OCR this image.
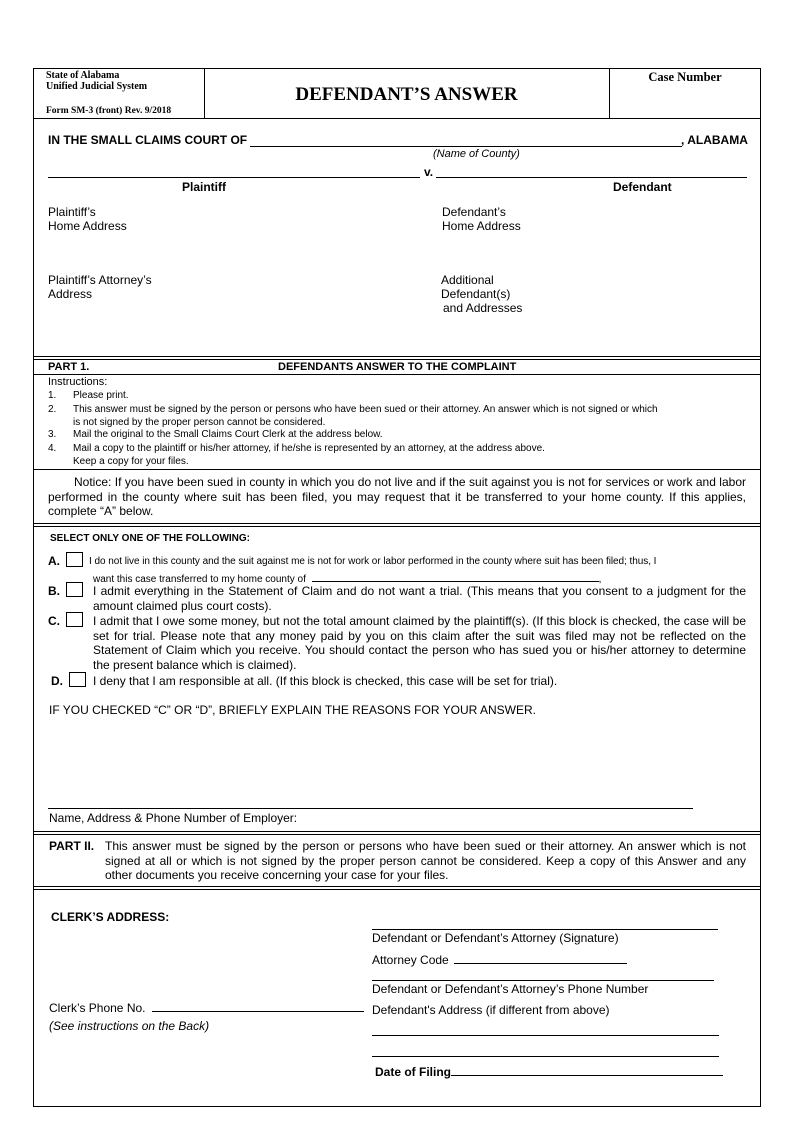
State of Alabama
Unified Judicial System
Form SM-3 (front) Rev. 9/2018
DEFENDANT’S ANSWER
Case Number
IN THE SMALL CLAIMS COURT OF	, ALABAMA
(Name of County)
v.
Plaintiff	Defendant
Plaintiff’s
Home Address
Defendant’s
Home Address
Plaintiff’s Attorney’s
Address
Additional
Defendant(s)
and Addresses
PART 1.	DEFENDANTS ANSWER TO THE COMPLAINT
Instructions:
1. Please print.
2. This answer must be signed by the person or persons who have been sued or their attorney. An answer which is not signed or which
is not signed by the proper person cannot be considered.
3. Mail the original to the Small Claims Court Clerk at the address below.
4. Mail a copy to the plaintiff or his/her attorney, if he/she is represented by an attorney, at the address above.
Keep a copy for your files.
Notice: If you have been sued in county in which you do not live and if the suit against you is not for services or work and labor performed in the county where suit has been filed, you may request that it be transferred to your home county. If this applies, complete “A” below.
SELECT ONLY ONE OF THE FOLLOWING:
A.	I do not live in this county and the suit against me is not for work or labor performed in the county where suit has been filed; thus, I
want this case transferred to my home county of	,
B.	I admit everything in the Statement of Claim and do not want a trial. (This means that you consent to a judgment for the amount claimed plus court costs).
C.	I admit that I owe some money, but not the total amount claimed by the plaintiff(s). (If this block is checked, the case will be set for trial. Please note that any money paid by you on this claim after the suit was filed may not be reflected on the Statement of Claim which you receive. You should contact the person who has sued you or his/her attorney to determine the present balance which is claimed).
D.	I deny that I am responsible at all. (If this block is checked, this case will be set for trial).
IF YOU CHECKED “C” OR “D”, BRIEFLY EXPLAIN THE REASONS FOR YOUR ANSWER.
Name, Address & Phone Number of Employer:
PART II. This answer must be signed by the person or persons who have been sued or their attorney. An answer which is not signed at all or which is not signed by the proper person cannot be considered. Keep a copy of this Answer and any other documents you receive concerning your case for your files.
CLERK’S ADDRESS:
Defendant or Defendant’s Attorney (Signature)
Attorney Code
Defendant or Defendant’s Attorney’s Phone Number
Clerk’s Phone No.	Defendant's Address (if different from above)
(See instructions on the Back)
Date of Filing
